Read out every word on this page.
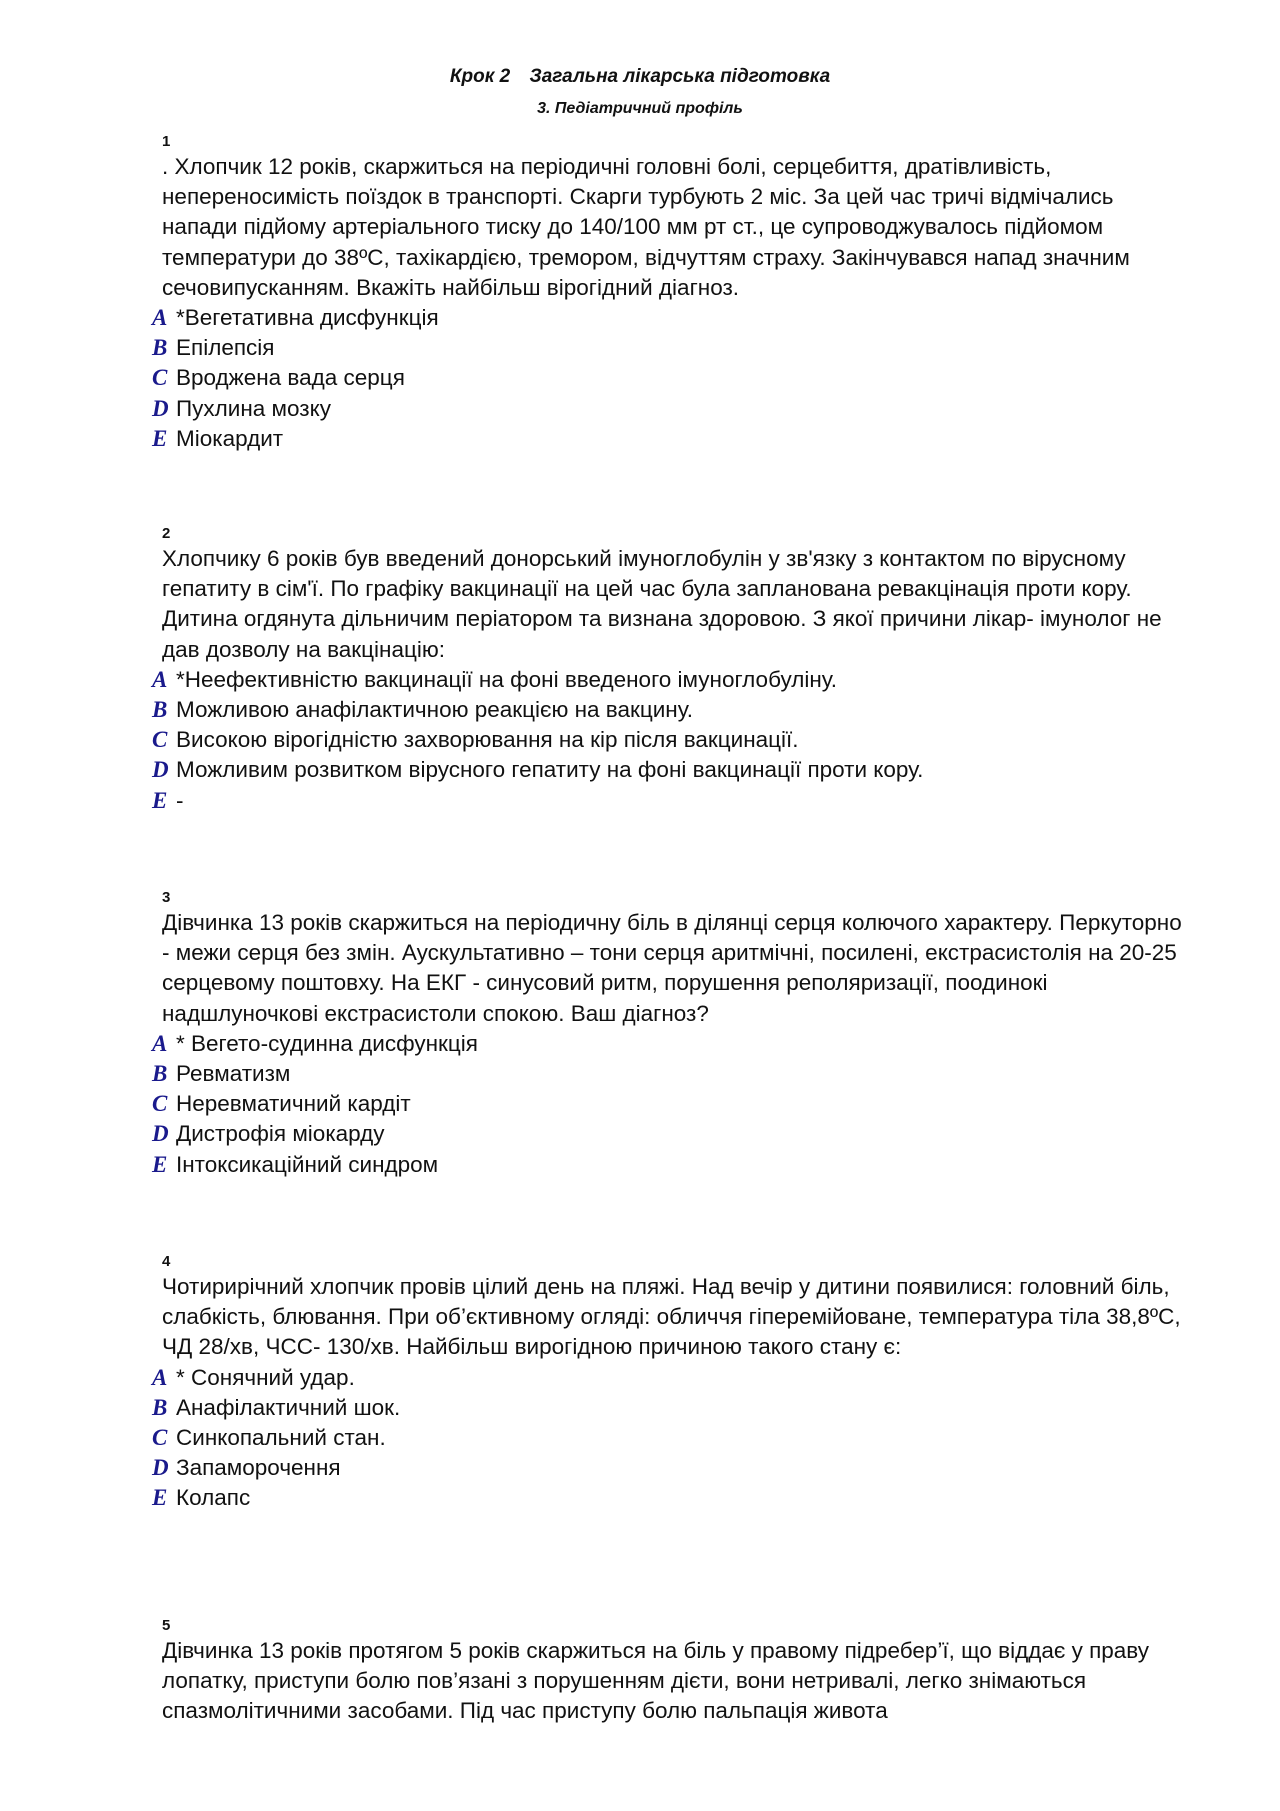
Крок 2 Загальна лікарська підготовка
3. Педіатричний профіль
1
. Хлопчик 12 років, скаржиться на періодичні головні болі, серцебиття, дратівливість, непереносимість поїздок в транспорті. Скарги турбують 2 міс. За цей час тричі відмічались напади підйому артеріального тиску до 140/100 мм рт ст., це супроводжувалось підйомом температури до 38ºС, тахікардією, тремором, відчуттям страху. Закінчувався напад значним сечовипусканням. Вкажіть найбільш вірогідний діагноз.
A *Вегетативна дисфункція
B Епілепсія
C Вроджена вада серця
D Пухлина мозку
E Міокардит
2
Хлопчику 6 років був введений донорський імуноглобулін у зв'язку з контактом по вірусному гепатиту в сім'ї. По графіку вакцинації на цей час була запланована ревакцінація проти кору. Дитина огдянута дільничим періатором та визнана здоровою. З якої причини лікар- імунолог не дав дозволу на вакцінацію:
A *Неефективністю вакцинації на фоні введеного імуноглобуліну.
B Можливою анафілактичною реакцією на вакцину.
C Високою вірогідністю захворювання на кір після вакцинації.
D Можливим розвитком вірусного гепатиту на фоні вакцинації проти кору.
E -
3
Дівчинка 13 років скаржиться на періодичну біль в ділянці серця колючого характеру. Перкуторно - межи серця без змін. Аускультативно – тони серця аритмічні, посилені, екстрасистолія на 20-25 серцевому поштовху. На ЕКГ - синусовий ритм, порушення реполяризації, поодинокі надшлуночкові екстрасистоли спокою. Ваш діагноз?
A * Вегето-судинна дисфункція
B Ревматизм
C Неревматичний кардіт
D Дистрофія міокарду
E Інтоксикаційний синдром
4
Чотирирічний хлопчик провів цілий день на пляжі. Над вечір у дитини появилися: головний біль, слабкість, блювання. При об’єктивному огляді: обличчя гіперемійоване, температура тіла 38,8ºС, ЧД 28/хв, ЧСС- 130/хв. Найбільш вирогідною причиною такого стану є:
A * Сонячний удар.
B Анафілактичний шок.
C Синкопальний стан.
D Запаморочення
E Колапс
5
Дівчинка 13 років протягом 5 років скаржиться на біль у правому підребер’ї, що віддає у праву лопатку, приступи болю пов’язані з порушенням дієти, вони нетривалі, легко знімаються спазмолітичними засобами. Під час приступу болю пальпація живота
